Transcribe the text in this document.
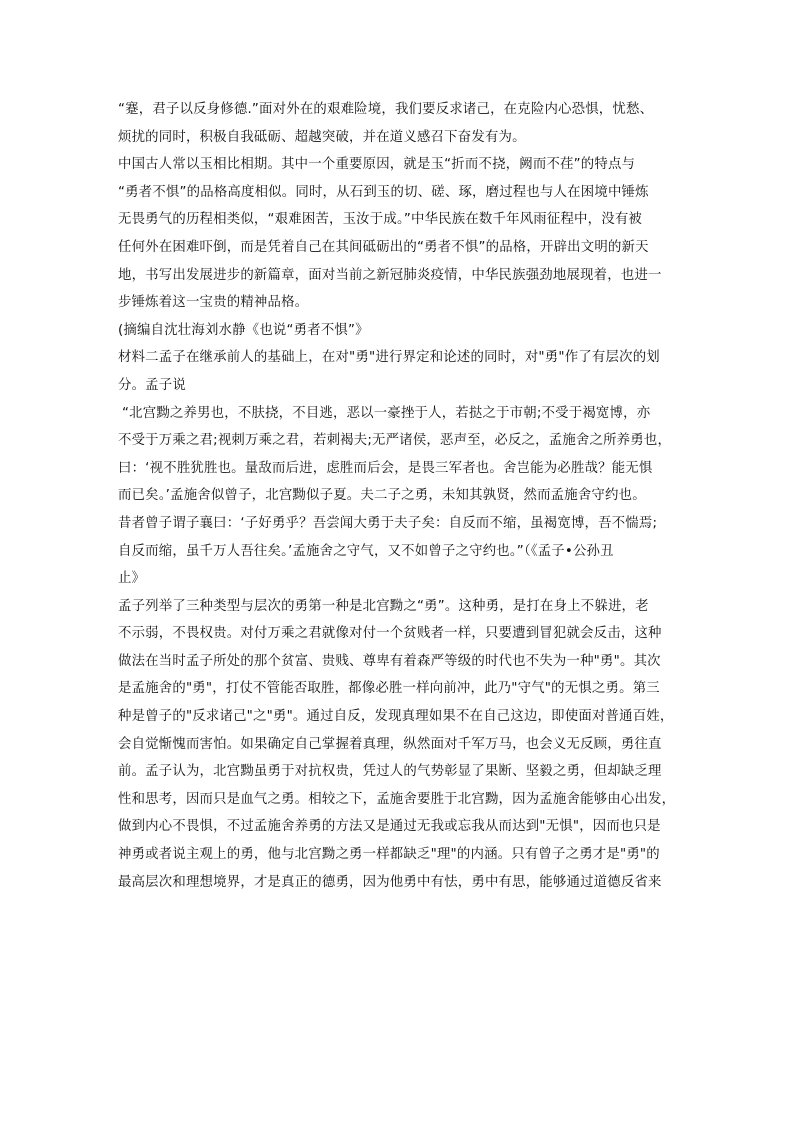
“蹇，君子以反身修德.”面对外在的艰难险境，我们要反求诸己，在克险内心恐惧，忧愁、
烦扰的同时，积极自我砥砺、超越突破，并在道义感召下奋发有为。
中国古人常以玉相比相期。其中一个重要原因，就是玉“折而不挠，阙而不荏”的特点与
“勇者不惧”的品格高度相似。同时，从石到玉的切、磋、琢，磨过程也与人在困境中锤炼
无畏勇气的历程相类似，“艰难困苦，玉汝于成。”中华民族在数千年风雨征程中，没有被
任何外在困难吓倒，而是凭着自己在其间砥砺出的“勇者不惧”的品格，开辟出文明的新天
地，书写出发展进步的新篇章，面对当前之新冠肺炎疫情，中华民族强劲地展现着，也进一
步锤炼着这一宝贵的精神品格。
(摘编自沈壮海刘水静《也说“勇者不惧”》
材料二孟子在继承前人的基础上，在对"勇"进行界定和论述的同时，对"勇"作了有层次的划
分。孟子说
“北宫黝之养男也，不肤挠，不目逃，恶以一豪挫于人，若挞之于市朝;不受于褐宽博，亦
不受于万乘之君;视刺万乘之君，若刺褐夫;无严诸侯，恶声至，必反之，孟施舍之所养勇也，
曰：‘视不胜犹胜也。量敌而后进，虑胜而后会，是畏三军者也。舍岂能为必胜哉？能无惧
而已矣。’孟施舍似曾子，北宫黝似子夏。夫二子之勇，未知其孰贤，然而孟施舍守约也。
昔者曾子谓子襄曰：‘子好勇乎？吾尝闻大勇于夫子矣：自反而不缩，虽褐宽博，吾不惴焉;
自反而缩，虽千万人吾往矣。’孟施舍之守气，又不如曾子之守约也。”（《孟子•公孙丑
止》
孟子列举了三种类型与层次的勇第一种是北宫黝之“勇”。这种勇，是打在身上不躲进，老
不示弱，不畏权贵。对付万乘之君就像对付一个贫贱者一样，只要遭到冒犯就会反击，这种
做法在当时孟子所处的那个贫富、贵贱、尊卑有着森严等级的时代也不失为一种"勇"。其次
是孟施舍的"勇"，打仗不管能否取胜，都像必胜一样向前冲，此乃"守气"的无惧之勇。第三
种是曾子的"反求诸己"之"勇"。通过自反，发现真理如果不在自己这边，即使面对普通百姓，
会自觉惭愧而害怕。如果确定自己掌握着真理，纵然面对千军万马，也会义无反顾，勇往直
前。孟子认为，北宫黝虽勇于对抗权贵，凭过人的气势彰显了果断、坚毅之勇，但却缺乏理
性和思考，因而只是血气之勇。相较之下，孟施舍要胜于北宫黝，因为孟施舍能够由心出发，
做到内心不畏惧，不过孟施舍养勇的方法又是通过无我或忘我从而达到"无惧"，因而也只是
神勇或者说主观上的勇，他与北宫黝之勇一样都缺乏"理"的内涵。只有曾子之勇才是"勇"的
最高层次和理想境界，才是真正的德勇，因为他勇中有怯，勇中有思，能够通过道德反省来
